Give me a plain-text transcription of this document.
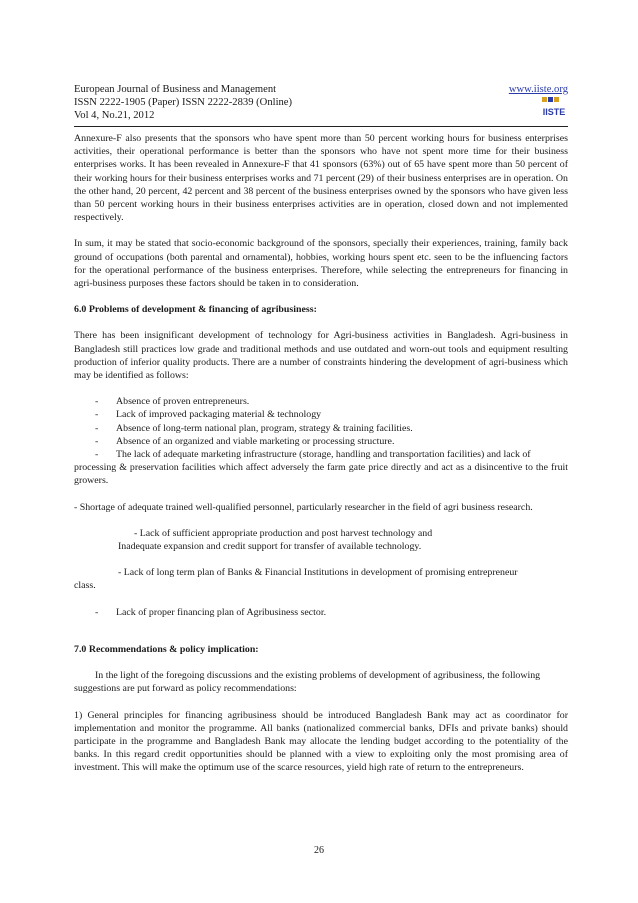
European Journal of Business and Management	www.iiste.org
ISSN 2222-1905 (Paper) ISSN 2222-2839 (Online)
Vol 4, No.21, 2012	IISTE

Annexure-F also presents that the sponsors who have spent more than 50 percent working hours for business enterprises activities, their operational performance is better than the sponsors who have not spent more time for their business enterprises works. It has been revealed in Annexure-F that 41 sponsors (63%) out of 65 have spent more than 50 percent of their working hours for their business enterprises works and 71 percent (29) of their business enterprises are in operation. On the other hand, 20 percent, 42 percent and 38 percent of the business enterprises owned by the sponsors who have given less than 50 percent working hours in their business enterprises activities are in operation, closed down and not implemented respectively.

In sum, it may be stated that socio-economic background of the sponsors, specially their experiences, training, family back ground of occupations (both parental and ornamental), hobbies, working hours spent etc. seen to be the influencing factors for the operational performance of the business enterprises. Therefore, while selecting the entrepreneurs for financing in agri-business purposes these factors should be taken in to consideration.

6.0 Problems of development & financing of agribusiness:

There has been insignificant development of technology for Agri-business activities in Bangladesh. Agri-business in Bangladesh still practices low grade and traditional methods and use outdated and worn-out tools and equipment resulting production of inferior quality products. There are a number of constraints hindering the development of agri-business which may be identified as follows:

-	Absence of proven entrepreneurs.
-	Lack of improved packaging material & technology
-	Absence of long-term national plan, program, strategy & training facilities.
-	Absence of an organized and viable marketing or processing structure.
-	The lack of adequate marketing infrastructure (storage, handling and transportation facilities) and lack of

processing & preservation facilities which affect adversely the farm gate price directly and act as a disincentive to the fruit growers.

- Shortage of adequate trained well-qualified personnel, particularly researcher in the field of agri business research.

- Lack of sufficient appropriate production and post harvest technology and

Inadequate expansion and credit support for transfer of available technology.

- Lack of long term plan of Banks & Financial Institutions in development of promising entrepreneur

class.

-	Lack of proper financing plan of Agribusiness sector.

7.0 Recommendations & policy implication:

In the light of the foregoing discussions and the existing problems of development of agribusiness, the following

suggestions are put forward as policy recommendations:

1) General principles for financing agribusiness should be introduced Bangladesh Bank may act as coordinator for implementation and monitor the programme. All banks (nationalized commercial banks, DFIs and private banks) should participate in the programme and Bangladesh Bank may allocate the lending budget according to the potentiality of the banks. In this regard credit opportunities should be planned with a view to exploiting only the most promising area of investment. This will make the optimum use of the scarce resources, yield high rate of return to the entrepreneurs.

26
